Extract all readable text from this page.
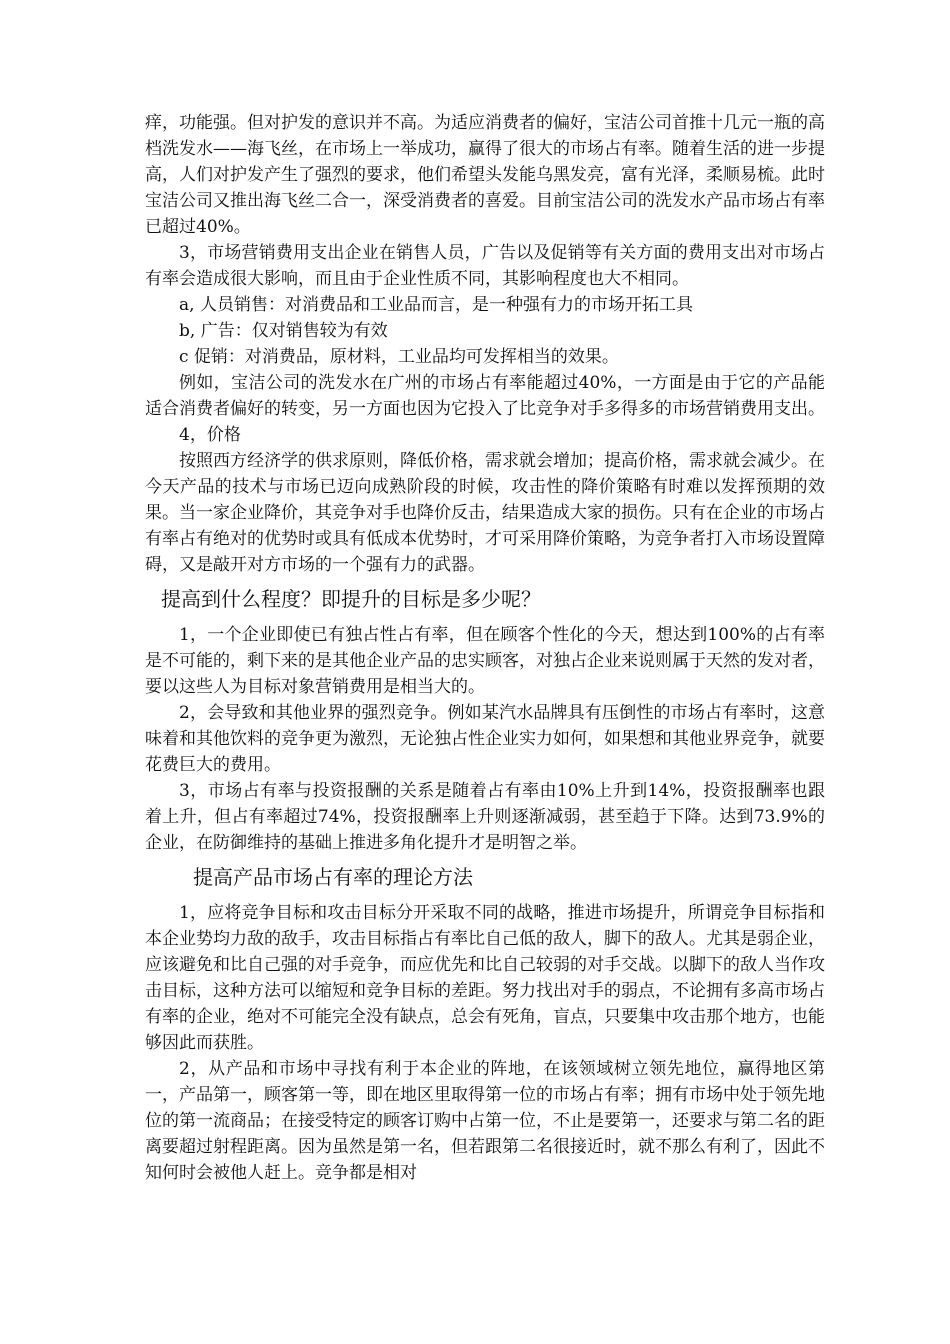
痒，功能强。但对护发的意识并不高。为适应消费者的偏好，宝洁公司首推十几元一瓶的高档洗发水——海飞丝，在市场上一举成功，赢得了很大的市场占有率。随着生活的进一步提高，人们对护发产生了强烈的要求，他们希望头发能乌黑发亮，富有光泽，柔顺易梳。此时宝洁公司又推出海飞丝二合一，深受消费者的喜爱。目前宝洁公司的洗发水产品市场占有率已超过40%。

3，市场营销费用支出企业在销售人员，广告以及促销等有关方面的费用支出对市场占有率会造成很大影响，而且由于企业性质不同，其影响程度也大不相同。

a, 人员销售：对消费品和工业品而言，是一种强有力的市场开拓工具

b, 广告：仅对销售较为有效

c 促销：对消费品，原材料，工业品均可发挥相当的效果。

例如，宝洁公司的洗发水在广州的市场占有率能超过40%，一方面是由于它的产品能适合消费者偏好的转变，另一方面也因为它投入了比竞争对手多得多的市场营销费用支出。

4，价格

按照西方经济学的供求原则，降低价格，需求就会增加；提高价格，需求就会减少。在今天产品的技术与市场已迈向成熟阶段的时候，攻击性的降价策略有时难以发挥预期的效果。当一家企业降价，其竞争对手也降价反击，结果造成大家的损伤。只有在企业的市场占有率占有绝对的优势时或具有低成本优势时，才可采用降价策略，为竞争者打入市场设置障碍，又是敲开对方市场的一个强有力的武器。

提高到什么程度？即提升的目标是多少呢？

1，一个企业即使已有独占性占有率，但在顾客个性化的今天，想达到100%的占有率是不可能的，剩下来的是其他企业产品的忠实顾客，对独占企业来说则属于天然的发对者，要以这些人为目标对象营销费用是相当大的。

2，会导致和其他业界的强烈竞争。例如某汽水品牌具有压倒性的市场占有率时，这意味着和其他饮料的竞争更为激烈，无论独占性企业实力如何，如果想和其他业界竞争，就要花费巨大的费用。

3，市场占有率与投资报酬的关系是随着占有率由10%上升到14%，投资报酬率也跟着上升，但占有率超过74%，投资报酬率上升则逐渐减弱，甚至趋于下降。达到73.9%的企业，在防御维持的基础上推进多角化提升才是明智之举。

提高产品市场占有率的理论方法

1，应将竞争目标和攻击目标分开采取不同的战略，推进市场提升，所谓竞争目标指和本企业势均力敌的敌手，攻击目标指占有率比自己低的敌人，脚下的敌人。尤其是弱企业，应该避免和比自己强的对手竞争，而应优先和比自己较弱的对手交战。以脚下的敌人当作攻击目标，这种方法可以缩短和竞争目标的差距。努力找出对手的弱点，不论拥有多高市场占有率的企业，绝对不可能完全没有缺点，总会有死角，盲点，只要集中攻击那个地方，也能够因此而获胜。

2，从产品和市场中寻找有利于本企业的阵地，在该领域树立领先地位，赢得地区第一，产品第一，顾客第一等，即在地区里取得第一位的市场占有率；拥有市场中处于领先地位的第一流商品；在接受特定的顾客订购中占第一位，不止是要第一，还要求与第二名的距离要超过射程距离。因为虽然是第一名，但若跟第二名很接近时，就不那么有利了，因此不知何时会被他人赶上。竞争都是相对
